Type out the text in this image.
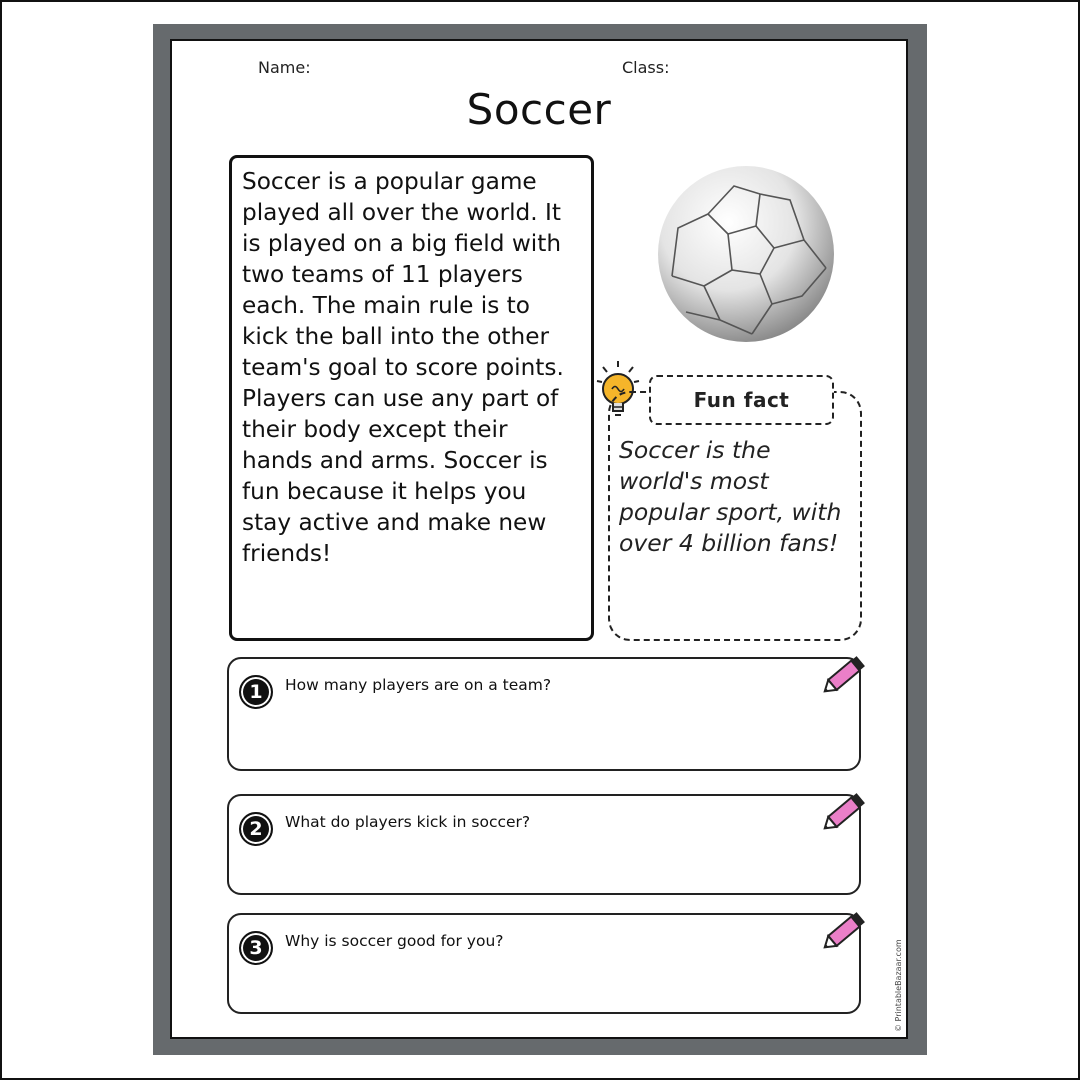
Name:	Class:
Soccer

Soccer is a popular game played all over the world. It is played on a big field with two teams of 11 players each. The main rule is to kick the ball into the other team's goal to score points. Players can use any part of their body except their hands and arms. Soccer is fun because it helps you stay active and make new friends!

Fun fact

Soccer is the world's most popular sport, with over 4 billion fans!

1	How many players are on a team?
2	What do players kick in soccer?
3	Why is soccer good for you?	© PrintableBazaar.com
